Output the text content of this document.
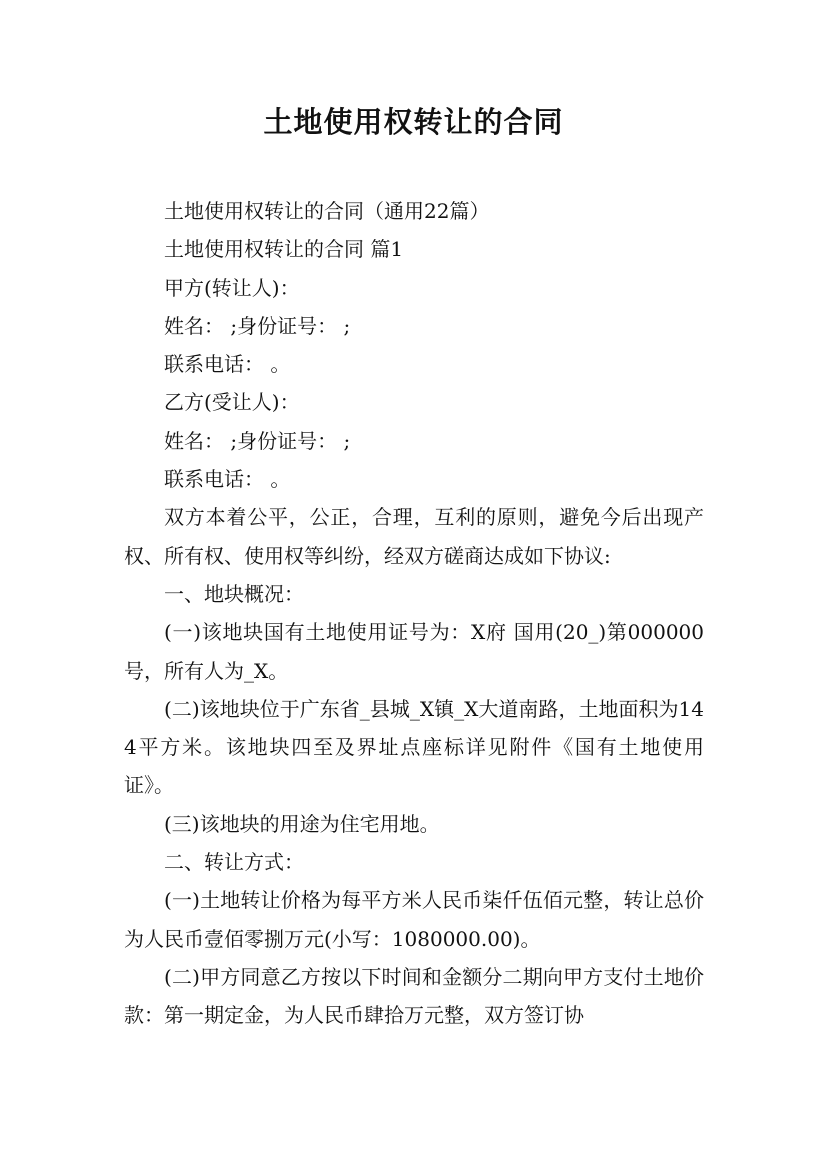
土地使用权转让的合同

土地使用权转让的合同（通用22篇）

土地使用权转让的合同 篇1

甲方(转让人)：

姓名： ;身份证号： ;

联系电话： 。

乙方(受让人)：

姓名： ;身份证号： ;

联系电话： 。

双方本着公平，公正，合理，互利的原则，避免今后出现产权、所有权、使用权等纠纷，经双方磋商达成如下协议:

一、地块概况：

(一)该地块国有土地使用证号为：X府 国用(20_)第000000号，所有人为_X。

(二)该地块位于广东省_县城_X镇_X大道南路，土地面积为144平方米。该地块四至及界址点座标详见附件《国有土地使用证》。

(三)该地块的用途为住宅用地。

二、转让方式：

(一)土地转让价格为每平方米人民币柒仟伍佰元整，转让总价为人民币壹佰零捌万元(小写：1080000.00)。

(二)甲方同意乙方按以下时间和金额分二期向甲方支付土地价款：第一期定金，为人民币肆拾万元整，双方签订协
